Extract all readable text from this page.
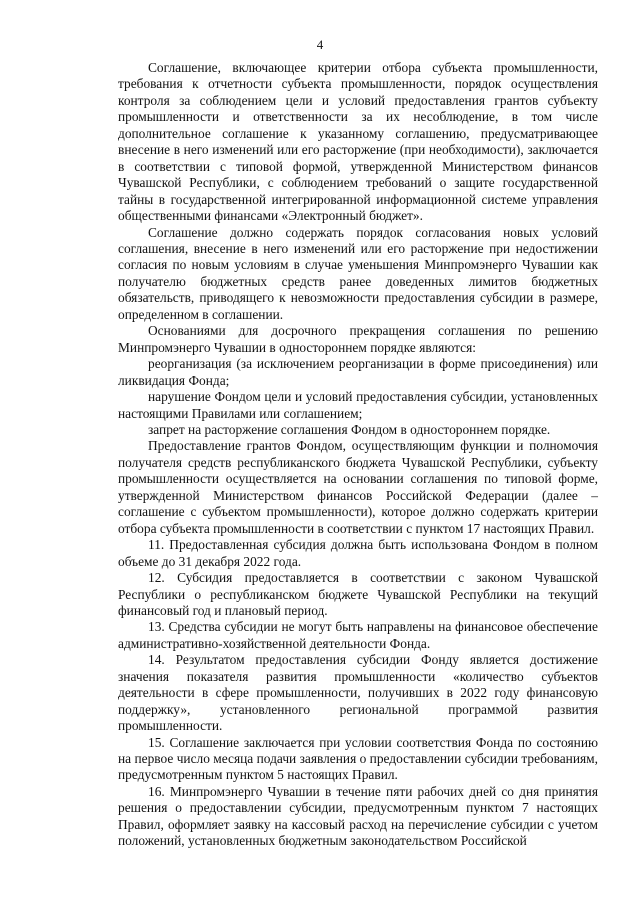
4

Соглашение, включающее критерии отбора субъекта промышленности, требования к отчетности субъекта промышленности, порядок осуществления контроля за соблюдением цели и условий предоставления грантов субъекту промышленности и ответственности за их несоблюдение, в том числе дополнительное соглашение к указанному соглашению, предусматривающее внесение в него изменений или его расторжение (при необходимости), заключается в соответствии с типовой формой, утвержденной Министерством финансов Чувашской Республики, с соблюдением требований о защите государственной тайны в государственной интегрированной информационной системе управления общественными финансами «Электронный бюджет».

Соглашение должно содержать порядок согласования новых условий соглашения, внесение в него изменений или его расторжение при недостижении согласия по новым условиям в случае уменьшения Минпромэнерго Чувашии как получателю бюджетных средств ранее доведенных лимитов бюджетных обязательств, приводящего к невозможности предоставления субсидии в размере, определенном в соглашении.

Основаниями для досрочного прекращения соглашения по решению Минпромэнерго Чувашии в одностороннем порядке являются:

реорганизация (за исключением реорганизации в форме присоединения) или ликвидация Фонда;

нарушение Фондом цели и условий предоставления субсидии, установленных настоящими Правилами или соглашением;

запрет на расторжение соглашения Фондом в одностороннем порядке.

Предоставление грантов Фондом, осуществляющим функции и полномочия получателя средств республиканского бюджета Чувашской Республики, субъекту промышленности осуществляется на основании соглашения по типовой форме, утвержденной Министерством финансов Российской Федерации (далее – соглашение с субъектом промышленности), которое должно содержать критерии отбора субъекта промышленности в соответствии с пунктом 17 настоящих Правил.

11. Предоставленная субсидия должна быть использована Фондом в полном объеме до 31 декабря 2022 года.

12. Субсидия предоставляется в соответствии с законом Чувашской Республики о республиканском бюджете Чувашской Республики на текущий финансовый год и плановый период.

13. Средства субсидии не могут быть направлены на финансовое обеспечение административно-хозяйственной деятельности Фонда.

14. Результатом предоставления субсидии Фонду является достижение значения показателя развития промышленности «количество субъектов деятельности в сфере промышленности, получивших в 2022 году финансовую поддержку», установленного региональной программой развития промышленности.

15. Соглашение заключается при условии соответствия Фонда по состоянию на первое число месяца подачи заявления о предоставлении субсидии требованиям, предусмотренным пунктом 5 настоящих Правил.

16. Минпромэнерго Чувашии в течение пяти рабочих дней со дня принятия решения о предоставлении субсидии, предусмотренным пунктом 7 настоящих Правил, оформляет заявку на кассовый расход на перечисление субсидии с учетом положений, установленных бюджетным законодательством Российской
